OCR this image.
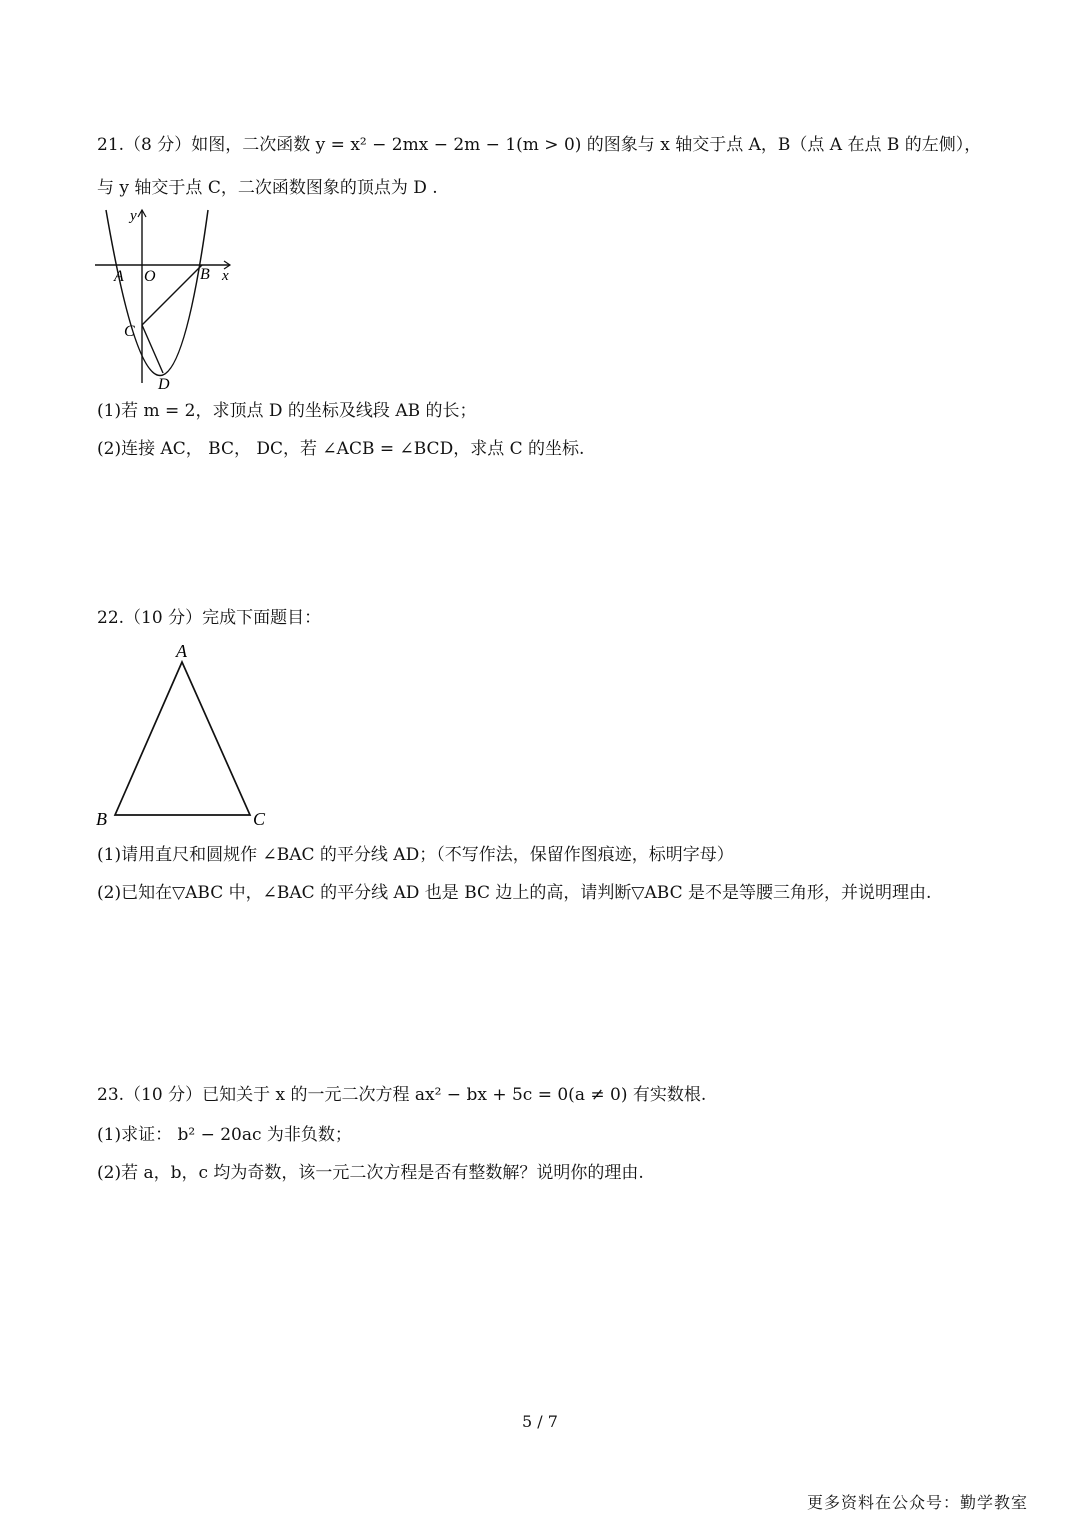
21.（8 分）如图，二次函数 y = x² − 2mx − 2m − 1(m > 0) 的图象与 x 轴交于点 A，B（点 A 在点 B 的左侧），
与 y 轴交于点 C，二次函数图象的顶点为 D .
y
x
A O	B
C
D
(1)若 m = 2，求顶点 D 的坐标及线段 AB 的长；
(2)连接 AC， BC， DC，若 ∠ACB = ∠BCD，求点 C 的坐标.
22.（10 分）完成下面题目：
A
B	C
(1)请用直尺和圆规作 ∠BAC 的平分线 AD；（不写作法，保留作图痕迹，标明字母）
(2)已知在▽ABC 中，∠BAC 的平分线 AD 也是 BC 边上的高，请判断▽ABC 是不是等腰三角形，并说明理由.
23.（10 分）已知关于 x 的一元二次方程 ax² − bx + 5c = 0(a ≠ 0) 有实数根.
(1)求证： b² − 20ac 为非负数；
(2)若 a，b，c 均为奇数，该一元二次方程是否有整数解？说明你的理由.
5 / 7
更多资料在公众号：勤学教室
